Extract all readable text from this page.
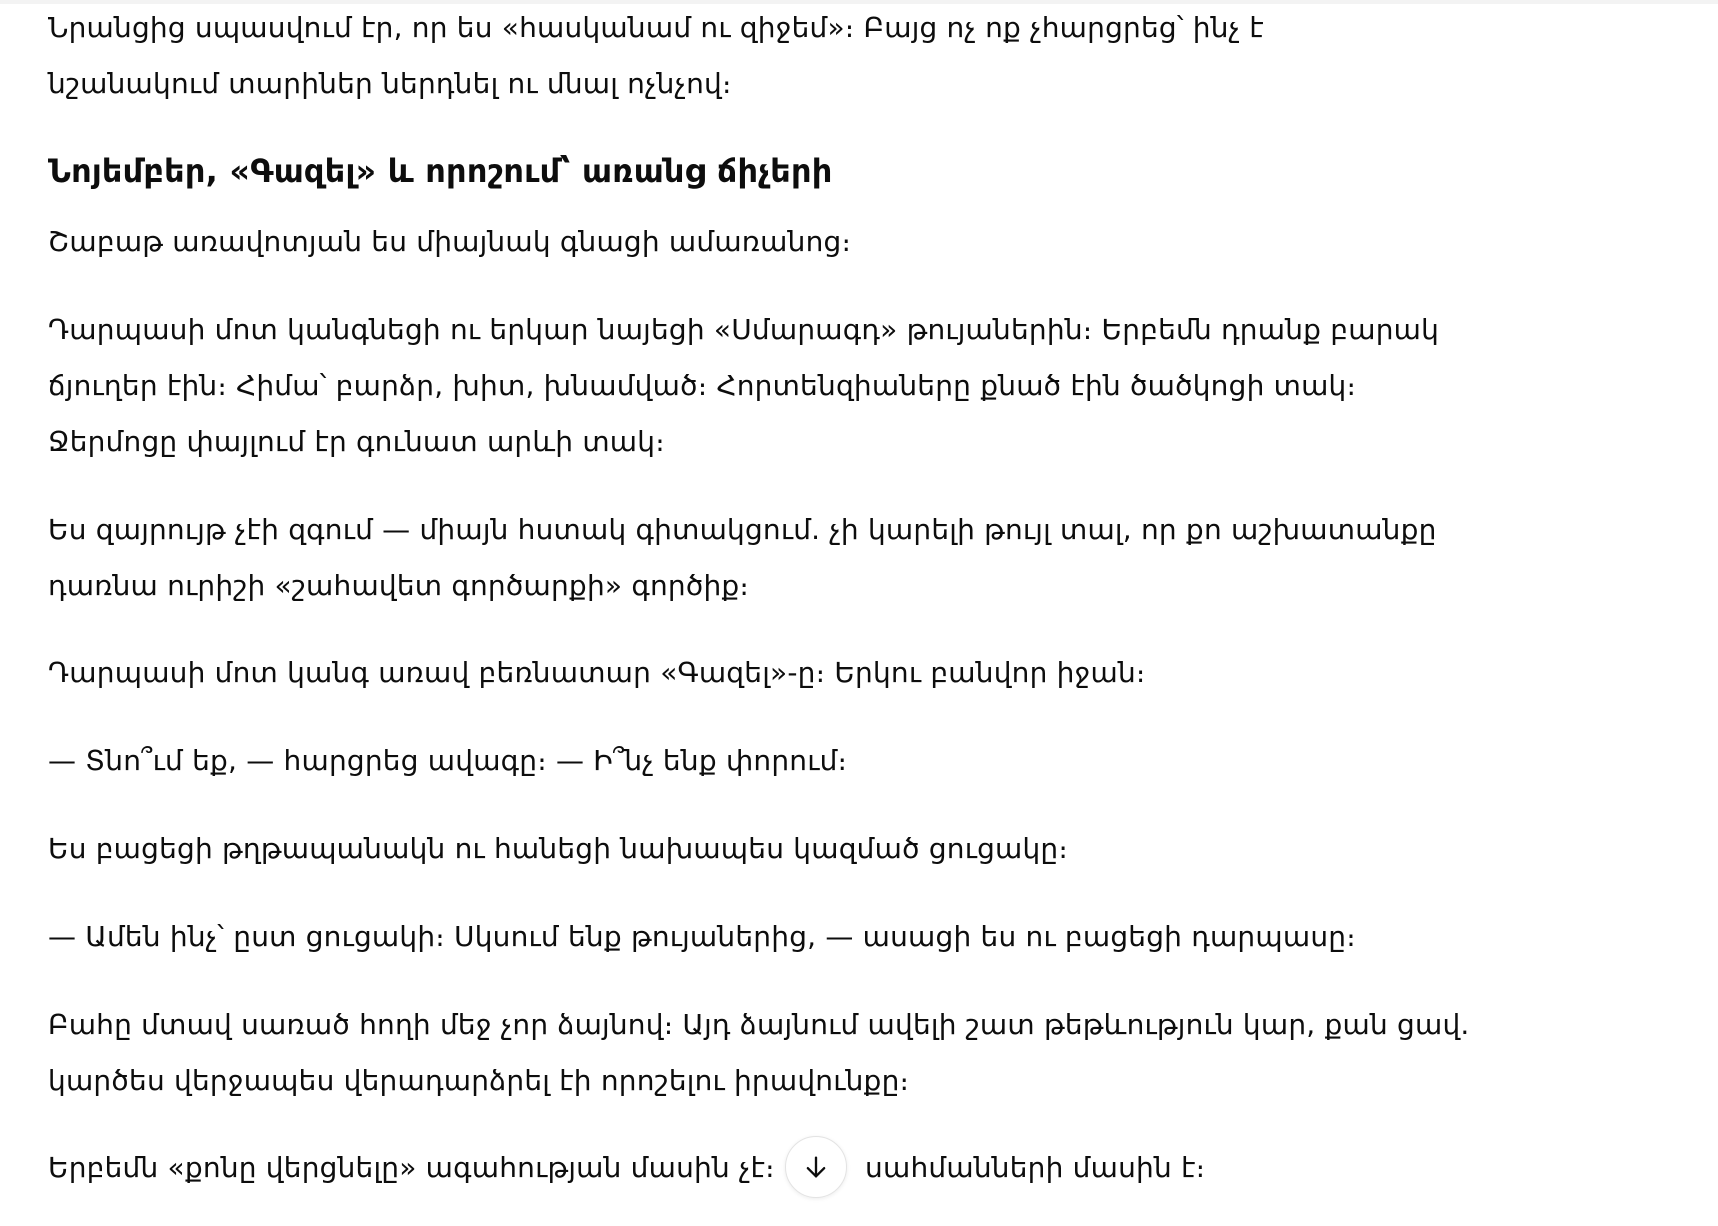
Նրանցից սպասվում էր, որ ես «հասկանամ ու զիջեմ»։ Բայց ոչ ոք չհարցրեց՝ ինչ է նշանակում տարիներ ներդնել ու մնալ ոչնչով։

Նոյեմբեր, «Գազել» և որոշում՝ առանց ճիչերի

Շաբաթ առավոտյան ես միայնակ գնացի ամառանոց։

Դարպասի մոտ կանգնեցի ու երկար նայեցի «Սմարագդ» թույաներին։ Երբեմն դրանք բարակ ճյուղեր էին։ Հիմա՝ բարձր, խիտ, խնամված։ Հորտենզիաները քնած էին ծածկոցի տակ։ Ջերմոցը փայլում էր գունատ արևի տակ։

Ես զայրույթ չէի զգում — միայն հստակ գիտակցում. չի կարելի թույլ տալ, որ քո աշխատանքը դառնա ուրիշի «շահավետ գործարքի» գործիք։

Դարպասի մոտ կանգ առավ բեռնատար «Գազել»-ը։ Երկու բանվոր իջան։

— Տնո՞ւմ եք, — հարցրեց ավագը։ — Ի՞նչ ենք փորում։

Ես բացեցի թղթապանակն ու հանեցի նախապես կազմած ցուցակը։

— Ամեն ինչ՝ ըստ ցուցակի։ Սկսում ենք թույաներից, — ասացի ես ու բացեցի դարպասը։

Բահը մտավ սառած հողի մեջ չոր ձայնով։ Այդ ձայնում ավելի շատ թեթևություն կար, քան ցավ. կարծես վերջապես վերադարձրել էի որոշելու իրավունքը։

Երբեմն «քոնը վերցնելը» ագահության մասին չէ։	սահմանների մասին է։
